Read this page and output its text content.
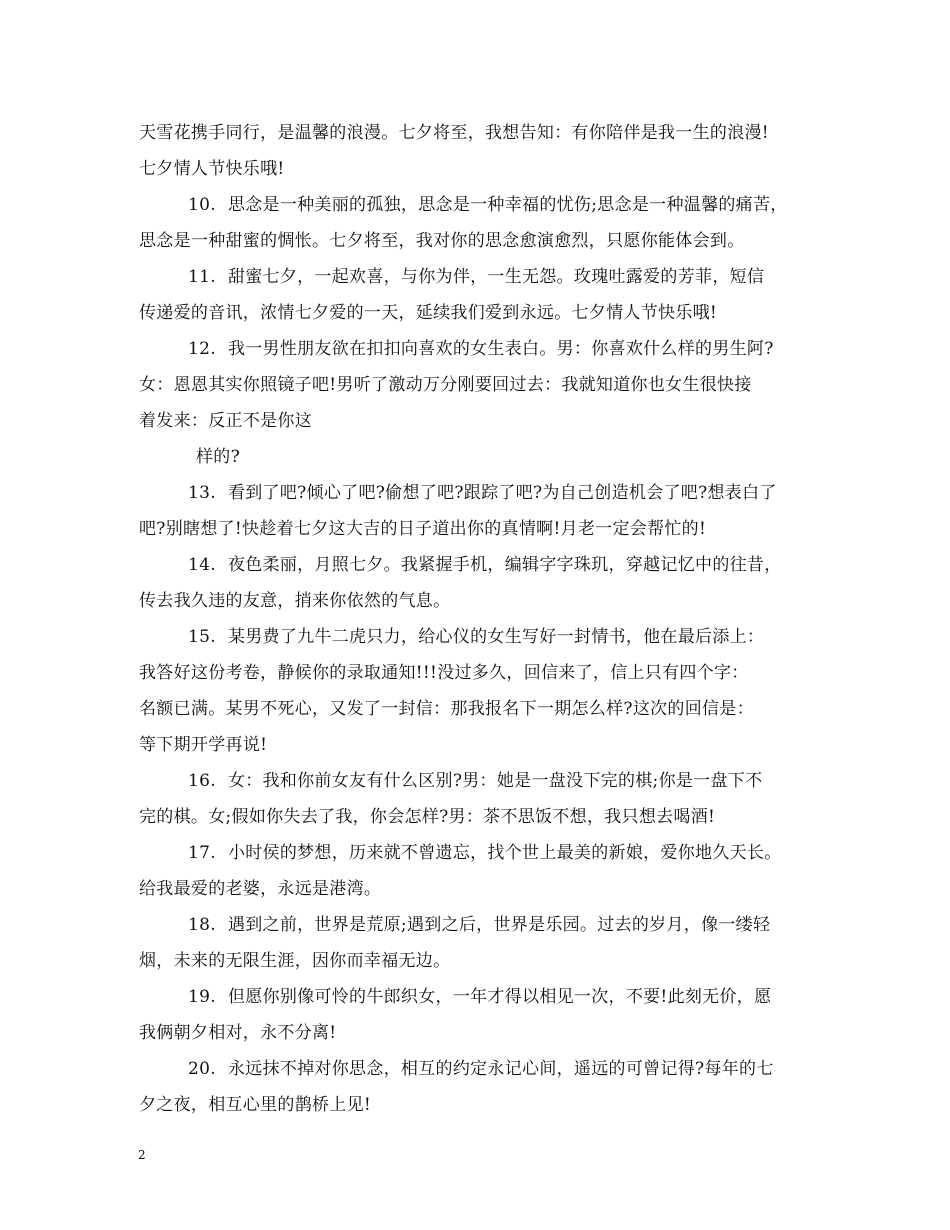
天雪花携手同行，是温馨的浪漫。七夕将至，我想告知：有你陪伴是我一生的浪漫!
七夕情人节快乐哦!
10. 思念是一种美丽的孤独，思念是一种幸福的忧伤;思念是一种温馨的痛苦，
思念是一种甜蜜的惆怅。七夕将至，我对你的思念愈演愈烈，只愿你能体会到。
11. 甜蜜七夕，一起欢喜，与你为伴，一生无怨。玫瑰吐露爱的芳菲，短信
传递爱的音讯，浓情七夕爱的一天，延续我们爱到永远。七夕情人节快乐哦!
12. 我一男性朋友欲在扣扣向喜欢的女生表白。男：你喜欢什么样的男生阿?
女：恩恩其实你照镜子吧!男听了激动万分刚要回过去：我就知道你也女生很快接
着发来：反正不是你这
样的?
13. 看到了吧?倾心了吧?偷想了吧?跟踪了吧?为自己创造机会了吧?想表白了
吧?别瞎想了!快趁着七夕这大吉的日子道出你的真情啊!月老一定会帮忙的!
14. 夜色柔丽，月照七夕。我紧握手机，编辑字字珠玑，穿越记忆中的往昔，
传去我久违的友意，捎来你依然的气息。
15. 某男费了九牛二虎只力，给心仪的女生写好一封情书，他在最后添上：
我答好这份考卷，静候你的录取通知!!!没过多久，回信来了，信上只有四个字：
名额已满。某男不死心，又发了一封信：那我报名下一期怎么样?这次的回信是：
等下期开学再说!
16. 女：我和你前女友有什么区别?男：她是一盘没下完的棋;你是一盘下不
完的棋。女;假如你失去了我，你会怎样?男：茶不思饭不想，我只想去喝酒!
17. 小时侯的梦想，历来就不曾遗忘，找个世上最美的新娘，爱你地久天长。
给我最爱的老婆，永远是港湾。
18. 遇到之前，世界是荒原;遇到之后，世界是乐园。过去的岁月，像一缕轻
烟，未来的无限生涯，因你而幸福无边。
19. 但愿你别像可怜的牛郎织女，一年才得以相见一次，不要!此刻无价，愿
我俩朝夕相对，永不分离!
20. 永远抹不掉对你思念，相互的约定永记心间，遥远的可曾记得?每年的七
夕之夜，相互心里的鹊桥上见!
2
